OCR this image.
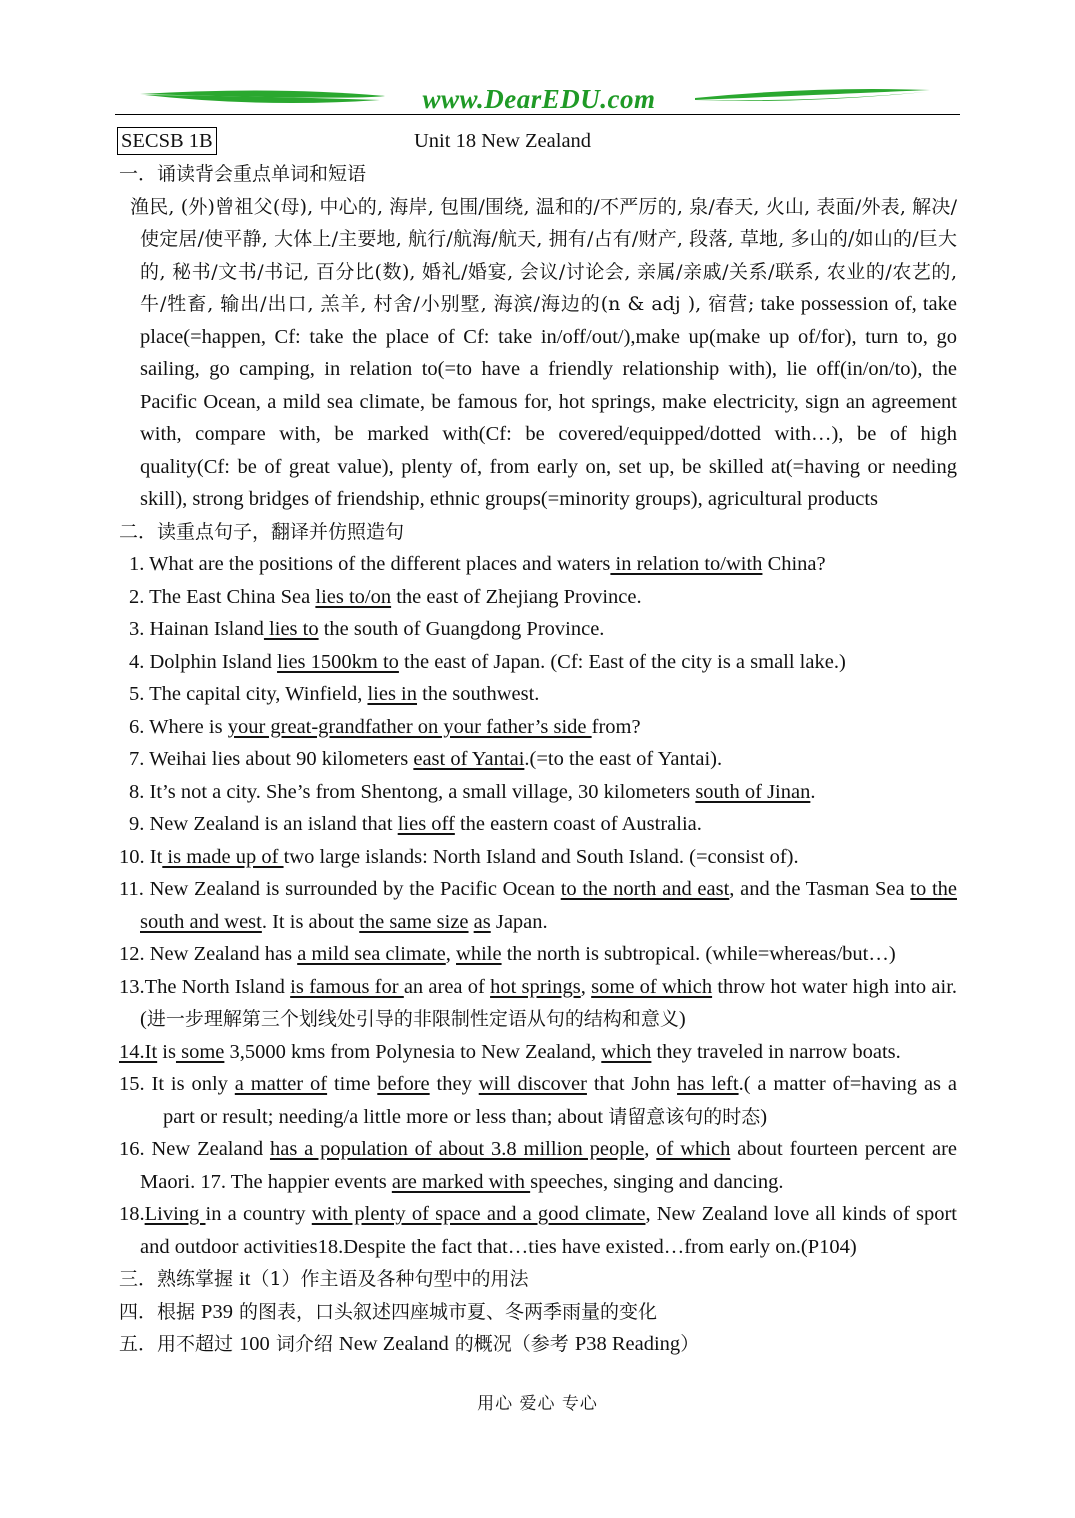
www.DearEDU.com
SECSB 1B	Unit 18 New Zealand

一．诵读背会重点单词和短语

渔民, (外)曾祖父(母), 中心的, 海岸, 包围/围绕, 温和的/不严厉的, 泉/春天, 火山, 表面/外表, 解决/使定居/使平静, 大体上/主要地, 航行/航海/航天, 拥有/占有/财产, 段落, 草地, 多山的/如山的/巨大的, 秘书/文书/书记, 百分比(数), 婚礼/婚宴, 会议/讨论会, 亲属/亲戚/关系/联系, 农业的/农艺的, 牛/牲畜, 输出/出口, 羔羊, 村舍/小别墅, 海滨/海边的(n & adj ), 宿营; take possession of, take place(=happen, Cf: take the place of Cf: take in/off/out/),make up(make up of/for), turn to, go sailing, go camping, in relation to(=to have a friendly relationship with), lie off(in/on/to), the Pacific Ocean, a mild sea climate, be famous for, hot springs, make electricity, sign an agreement with, compare with, be marked with(Cf: be covered/equipped/dotted with…), be of high quality(Cf: be of great value), plenty of, from early on, set up, be skilled at(=having or needing skill), strong bridges of friendship, ethnic groups(=minority groups), agricultural products

二．读重点句子，翻译并仿照造句

1. What are the positions of the different places and waters in relation to/with China?

2. The East China Sea lies to/on the east of Zhejiang Province.

3. Hainan Island lies to the south of Guangdong Province.

4. Dolphin Island lies 1500km to the east of Japan. (Cf: East of the city is a small lake.)

5. The capital city, Winfield, lies in the southwest.

6. Where is your great-grandfather on your father’s side from?

7. Weihai lies about 90 kilometers east of Yantai.(=to the east of Yantai).

8. It’s not a city. She’s from Shentong, a small village, 30 kilometers south of Jinan.

9. New Zealand is an island that lies off the eastern coast of Australia.

10. It is made up of two large islands: North Island and South Island. (=consist of).

11. New Zealand is surrounded by the Pacific Ocean to the north and east, and the Tasman Sea to the south and west. It is about the same size as Japan.

12. New Zealand has a mild sea climate, while the north is subtropical. (while=whereas/but…)

13.The North Island is famous for an area of hot springs, some of which throw hot water high into air. (进一步理解第三个划线处引导的非限制性定语从句的结构和意义)

14.It is some 3,5000 kms from Polynesia to New Zealand, which they traveled in narrow boats.

15. It is only a matter of time before they will discover that John has left.( a matter of=having as a part or result; needing/a little more or less than; about 请留意该句的时态)

16. New Zealand has a population of about 3.8 million people, of which about fourteen percent are Maori. 17. The happier events are marked with speeches, singing and dancing.

18.Living in a country with plenty of space and a good climate, New Zealand love all kinds of sport and outdoor activities18.Despite the fact that…ties have existed…from early on.(P104)

三．熟练掌握 it（1）作主语及各种句型中的用法

四．根据 P39 的图表，口头叙述四座城市夏、冬两季雨量的变化

五．用不超过 100 词介绍 New Zealand 的概况（参考 P38 Reading）

用心 爱心 专心
